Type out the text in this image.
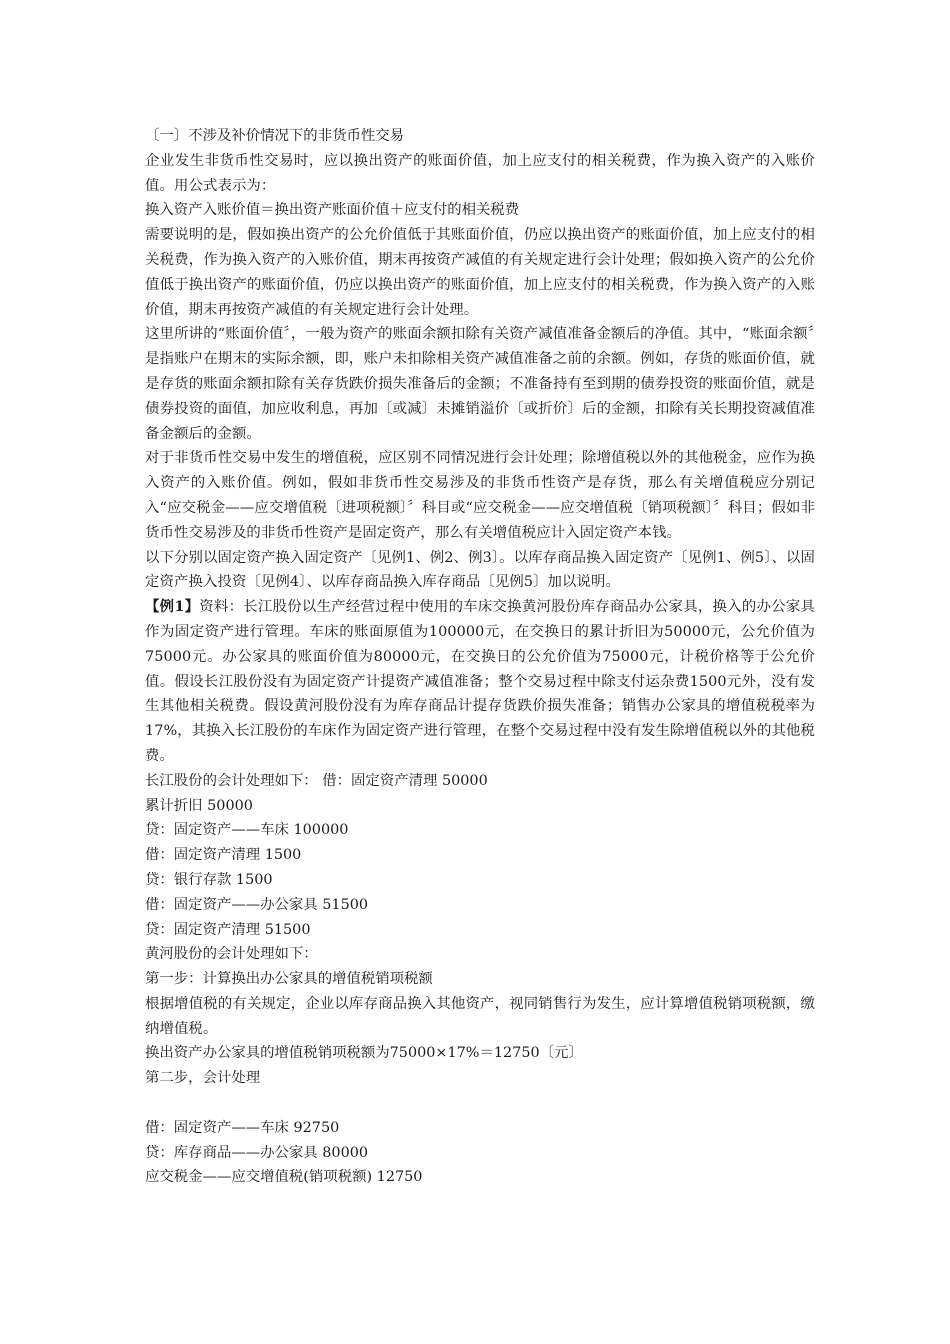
〔一〕不涉及补价情况下的非货币性交易

企业发生非货币性交易时，应以换出资产的账面价值，加上应支付的相关税费，作为换入资产的入账价值。用公式表示为：

换入资产入账价值＝换出资产账面价值＋应支付的相关税费

需要说明的是，假如换出资产的公允价值低于其账面价值，仍应以换出资产的账面价值，加上应支付的相关税费，作为换入资产的入账价值，期末再按资产减值的有关规定进行会计处理；假如换入资产的公允价值低于换出资产的账面价值，仍应以换出资产的账面价值，加上应支付的相关税费，作为换入资产的入账价值，期末再按资产减值的有关规定进行会计处理。

这里所讲的“账面价值〞，一般为资产的账面余额扣除有关资产减值准备金额后的净值。其中，“账面余额〞是指账户在期末的实际余额，即，账户未扣除相关资产减值准备之前的余额。例如，存货的账面价值，就是存货的账面余额扣除有关存货跌价损失准备后的金额；不准备持有至到期的债券投资的账面价值，就是债券投资的面值，加应收利息，再加〔或减〕未摊销溢价〔或折价〕后的金额，扣除有关长期投资减值准备金额后的金额。

对于非货币性交易中发生的增值税，应区别不同情况进行会计处理；除增值税以外的其他税金，应作为换入资产的入账价值。例如，假如非货币性交易涉及的非货币性资产是存货，那么有关增值税应分别记入“应交税金——应交增值税〔进项税额〕〞科目或“应交税金——应交增值税〔销项税额〕〞科目；假如非货币性交易涉及的非货币性资产是固定资产，那么有关增值税应计入固定资产本钱。

以下分别以固定资产换入固定资产〔见例1、例2、例3〕。以库存商品换入固定资产〔见例1、例5〕、以固定资产换入投资〔见例4〕、以库存商品换入库存商品〔见例5〕加以说明。

【例1】资料：长江股份以生产经营过程中使用的车床交换黄河股份库存商品办公家具，换入的办公家具作为固定资产进行管理。车床的账面原值为100000元，在交换日的累计折旧为50000元，公允价值为75000元。办公家具的账面价值为80000元，在交换日的公允价值为75000元，计税价格等于公允价值。假设长江股份没有为固定资产计提资产减值准备；整个交易过程中除支付运杂费1500元外，没有发生其他相关税费。假设黄河股份没有为库存商品计提存货跌价损失准备；销售办公家具的增值税税率为17%，其换入长江股份的车床作为固定资产进行管理，在整个交易过程中没有发生除增值税以外的其他税费。

长江股份的会计处理如下： 借：固定资产清理 50000

累计折旧 50000

贷：固定资产——车床 100000

借：固定资产清理 1500

贷：银行存款 1500

借：固定资产——办公家具 51500

贷：固定资产清理 51500

黄河股份的会计处理如下：

第一步：计算换出办公家具的增值税销项税额

根据增值税的有关规定，企业以库存商品换入其他资产，视同销售行为发生，应计算增值税销项税额，缴纳增值税。

换出资产办公家具的增值税销项税额为75000×17%＝12750〔元〕

第二步，会计处理

借：固定资产——车床 92750

贷：库存商品——办公家具 80000

应交税金——应交增值税(销项税额) 12750
